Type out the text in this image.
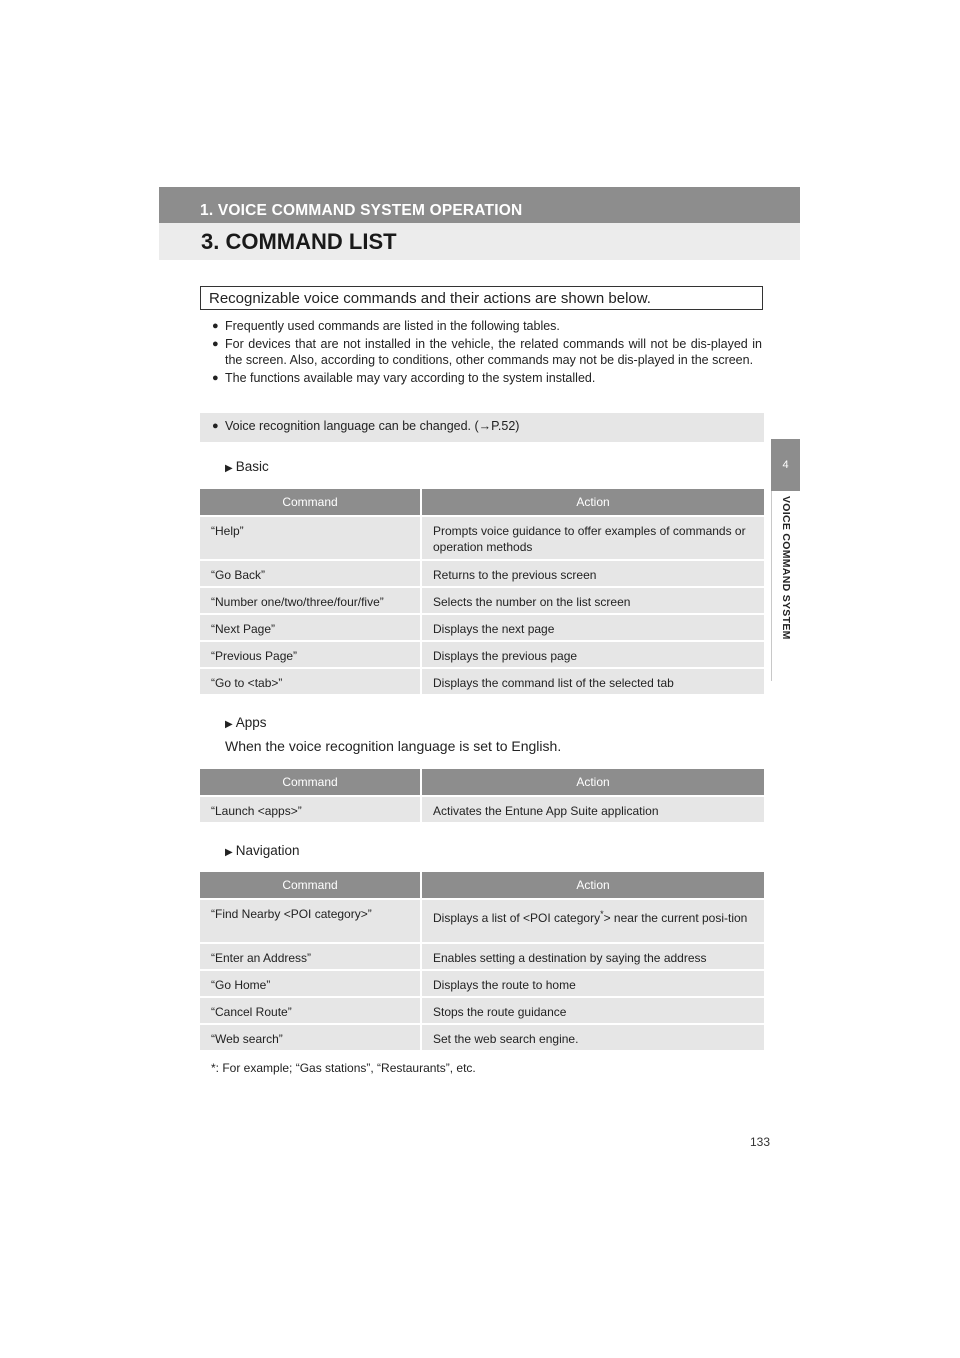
1. VOICE COMMAND SYSTEM OPERATION
3. COMMAND LIST
4
VOICE COMMAND SYSTEM
Recognizable voice commands and their actions are shown below.
● Frequently used commands are listed in the following tables.
● For devices that are not installed in the vehicle, the related commands will not be dis-played in the screen. Also, according to conditions, other commands may not be dis-played in the screen.
● The functions available may vary according to the system installed.
● Voice recognition language can be changed. (→P.52)
▶ Basic
Command	Action
“Help”	Prompts voice guidance to offer examples of commands or operation methods
“Go Back”	Returns to the previous screen
“Number one/two/three/four/five”	Selects the number on the list screen
“Next Page”	Displays the next page
“Previous Page”	Displays the previous page
“Go to <tab>”	Displays the command list of the selected tab
▶ Apps
When the voice recognition language is set to English.
Command	Action
“Launch <apps>”	Activates the Entune App Suite application
▶ Navigation
Command	Action
“Find Nearby <POI category>”	Displays a list of <POI category*> near the current posi-tion
“Enter an Address”	Enables setting a destination by saying the address
“Go Home”	Displays the route to home
“Cancel Route”	Stops the route guidance
“Web search”	Set the web search engine.
*: For example; “Gas stations”, “Restaurants”, etc.
133
